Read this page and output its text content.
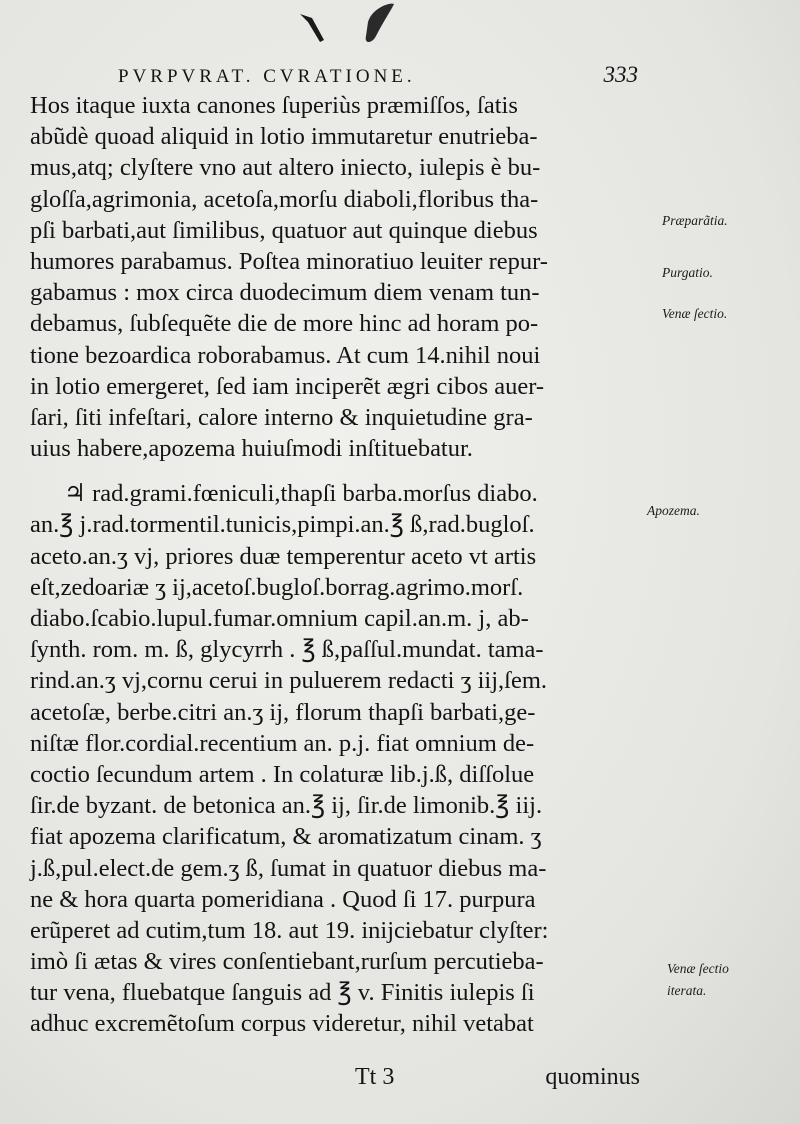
PVRPVRAT. CVRATIONE.	333
Hos itaque iuxta canones ſuperiùs præmiſſos, ſatis
abũdè quoad aliquid in lotio immutaretur enutrieba-
mus,atq; clyſtere vno aut altero iniecto, iulepis è bu-
gloſſa,agrimonia, acetoſa,morſu diaboli,floribus tha-
pſi barbati,aut ſimilibus, quatuor aut quinque diebus
humores parabamus. Poſtea minoratiuo leuiter repur-
gabamus : mox circa duodecimum diem venam tun-
debamus, ſubſequẽte die de more hinc ad horam po-
tione bezoardica roborabamus. At cum 14.nihil noui
in lotio emergeret, ſed iam inciperẽt ægri cibos auer-
ſari, ſiti infeſtari, calore interno & inquietudine gra-
uius habere,apozema huiuſmodi inſtituebatur.
♃ rad.grami.fœniculi,thapſi barba.morſus diabo.
an.℥ j.rad.tormentil.tunicis,pimpi.an.℥ ß,rad.bugloſ.
aceto.an.ʒ vj, priores duæ temperentur aceto vt artis
eſt,zedoariæ ʒ ij,acetoſ.bugloſ.borrag.agrimo.morſ.
diabo.ſcabio.lupul.fumar.omnium capil.an.m. j, ab-
ſynth. rom. m. ß, glycyrrh . ℥ ß,paſſul.mundat. tama-
rind.an.ʒ vj,cornu cerui in puluerem redacti ʒ iij,ſem.
acetoſæ, berbe.citri an.ʒ ij, florum thapſi barbati,ge-
niſtæ flor.cordial.recentium an. p.j. fiat omnium de-
coctio ſecundum artem . In colaturæ lib.j.ß, diſſolue
ſir.de byzant. de betonica an.℥ ij, ſir.de limonib.℥ iij.
fiat apozema clarificatum, & aromatizatum cinam. ʒ
j.ß,pul.elect.de gem.ʒ ß, ſumat in quatuor diebus ma-
ne & hora quarta pomeridiana . Quod ſi 17. purpura
erũperet ad cutim,tum 18. aut 19. inijciebatur clyſter:
imò ſi ætas & vires conſentiebant,rurſum percutieba-
tur vena, fluebatque ſanguis ad ℥ v. Finitis iulepis ſi
adhuc excremẽtoſum corpus videretur, nihil vetabat
Præparãtia.
Purgatio.
Venæ ſectio.
Apozema.
Venæ ſectio
iterata.
Tt 3	quominus
